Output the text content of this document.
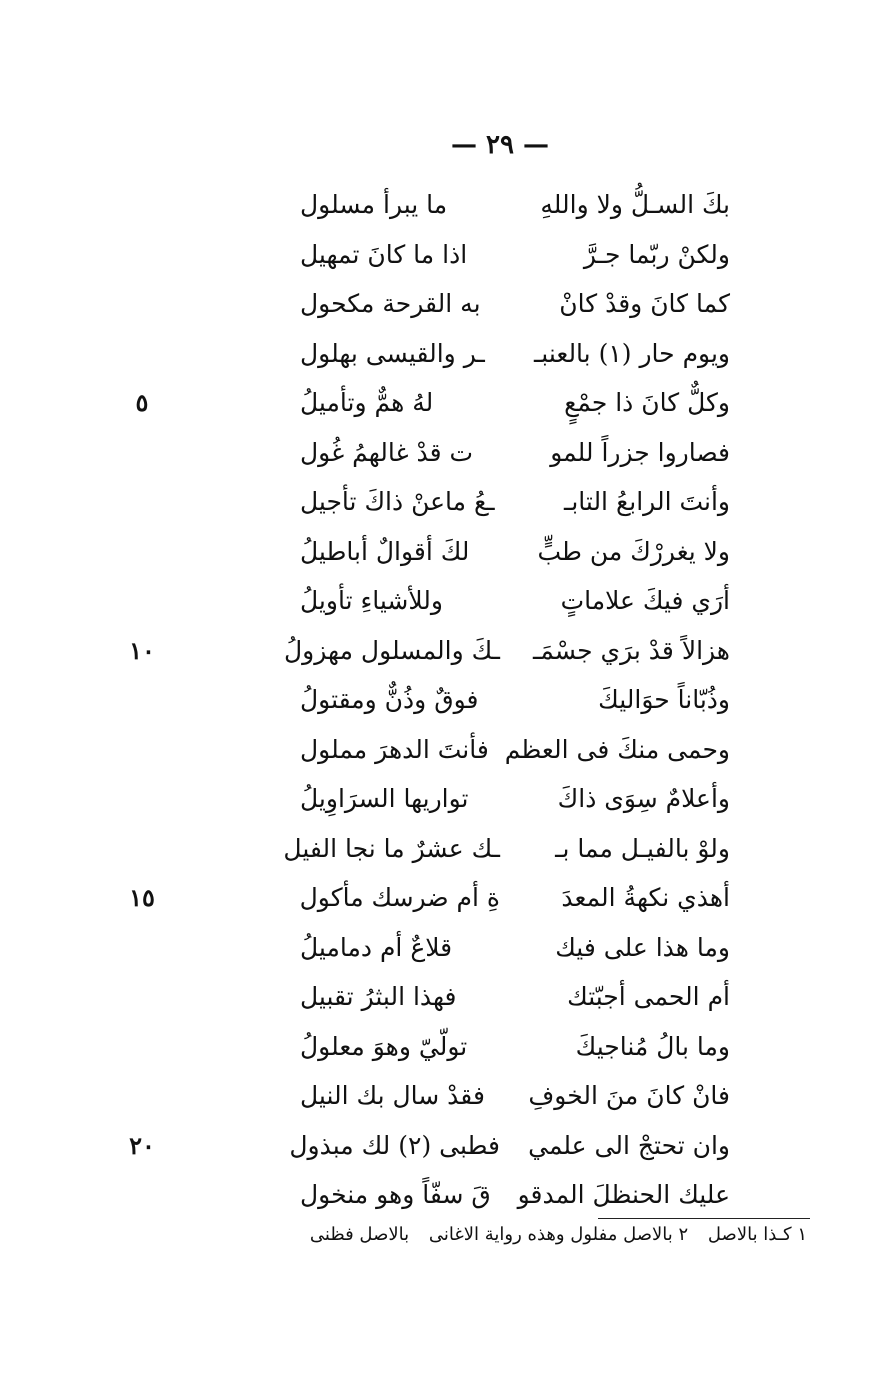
— ٢٩ —
بكَ السـلُّ ولا واللهِ
ما يبرأ مسلول
ولكنْ ربّما جـرَّ
اذا ما كانَ تمهيل
كما كانَ وقدْ كانْ
به القرحة مكحول
ويوم حار (١) بالعنبـ
ـر والقيسى بهلول
وكلٌّ كانَ ذا جمْعٍ
لهُ همٌّ وتأميلُ
فصاروا جزراً للمو
ت قدْ غالهمُ غُول
وأنتَ الرابعُ التابـ
ـعُ ماعنْ ذاكَ تأجيل
ولا يغررْكَ من طبٍّ
لكَ أقوالٌ أباطيلُ
أرَي فيكَ علاماتٍ
وللأشياءِ تأويلُ
هزالاً قدْ برَي جسْمَـ
ـكَ والمسلول مهزولُ
وذُبّاناً حوَاليكَ
فوقٌ وذُنٌّ ومقتولُ
وحمى منكَ فى العظم
فأنتَ الدهرَ مملول
وأعلامٌ سِوَى ذاكَ
تواريها السرَاوِيلُ
ولوْ بالفيـل مما بـ
ـك عشرٌ ما نجا الفيل
أهذي نكهةُ المعدَ
ةِ أم ضرسك مأكول
وما هذا على فيك
قلاعٌ أم دماميلُ
أم الحمى أجبّتك
فهذا البثرُ تقبيل
وما بالُ مُناجيكَ
تولّيّ وهوَ معلولُ
فانْ كانَ منَ الخوفِ
فقدْ سال بك النيل
وان تحتجْ الى علمي
فطبى (٢) لك مبذول
عليك الحنظلَ المدقو
قَ سفّاً وهو منخول
٥
١٠
١٥
٢٠
١ كـذا بالاصل ٢ بالاصل مفلول وهذه رواية الاغانى بالاصل فظنى
